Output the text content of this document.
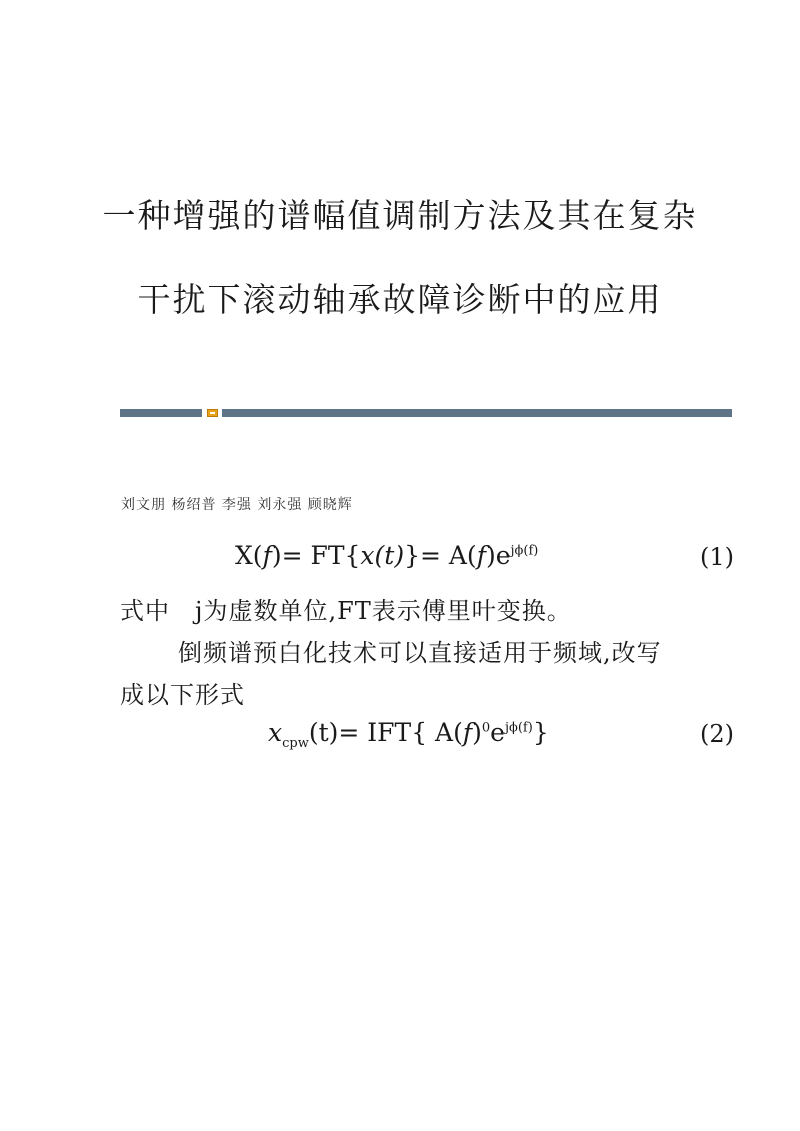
一种增强的谱幅值调制方法及其在复杂
干扰下滚动轴承故障诊断中的应用
刘文朋 杨绍普 李强 刘永强 顾晓辉
$X(f)= FT\{x(t)\}= A(f)e^{j\phi(f)}$	(1)
式中　j为虚数单位,FT表示傅里叶变换。
倒频谱预白化技术可以直接适用于频域,改写
成以下形式
$x_{cpw}(t)= IFT${ $A(f)^0e^{j\phi(f)}$}	(2)
